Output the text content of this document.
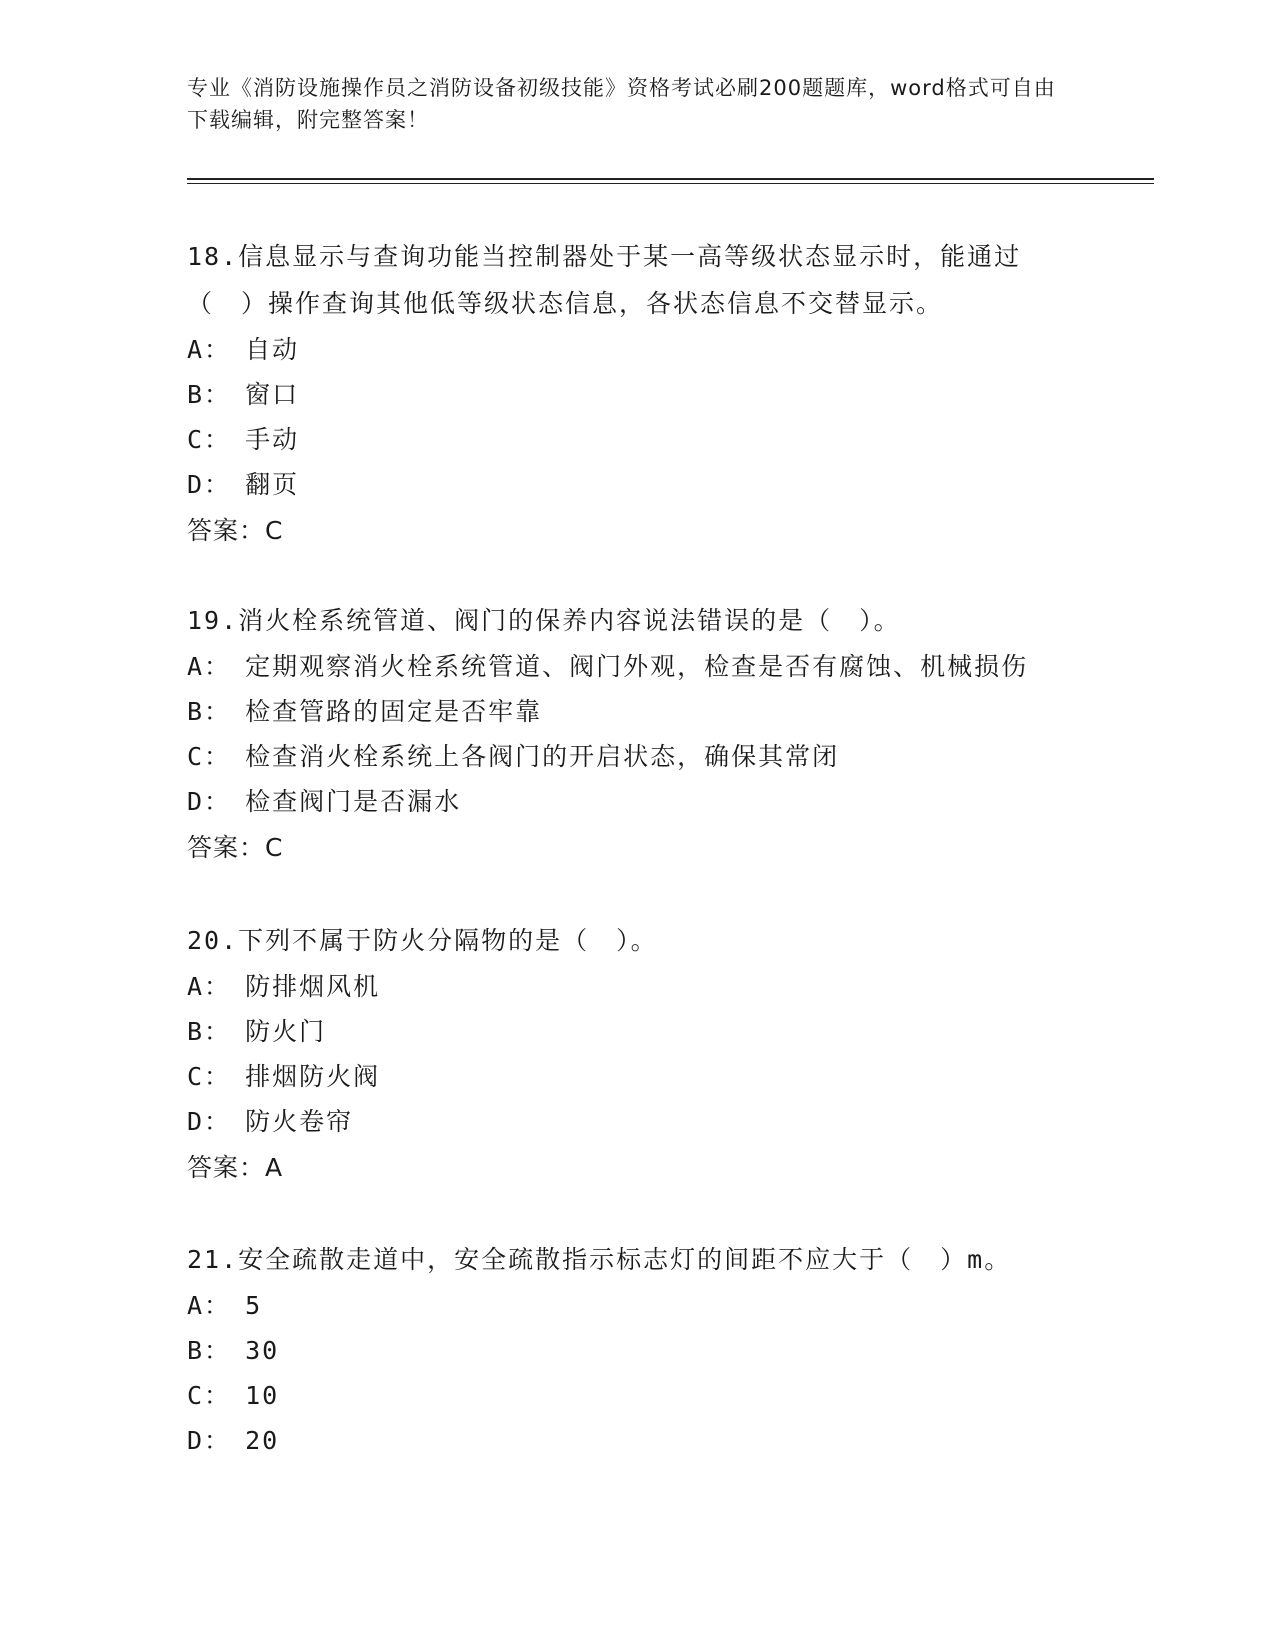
专业《消防设施操作员之消防设备初级技能》资格考试必刷200题题库，word格式可自由下载编辑，附完整答案！

18.信息显示与查询功能当控制器处于某一高等级状态显示时，能通过（　）操作查询其他低等级状态信息，各状态信息不交替显示。

A： 自动

B： 窗口

C： 手动

D： 翻页

答案：C

19.消火栓系统管道、阀门的保养内容说法错误的是（　）。

A： 定期观察消火栓系统管道、阀门外观，检查是否有腐蚀、机械损伤

B： 检查管路的固定是否牢靠

C： 检查消火栓系统上各阀门的开启状态，确保其常闭

D： 检查阀门是否漏水

答案：C

20.下列不属于防火分隔物的是（　）。

A： 防排烟风机

B： 防火门

C： 排烟防火阀

D： 防火卷帘

答案：A

21.安全疏散走道中，安全疏散指示标志灯的间距不应大于（　）m。

A： 5

B： 30

C： 10

D： 20
